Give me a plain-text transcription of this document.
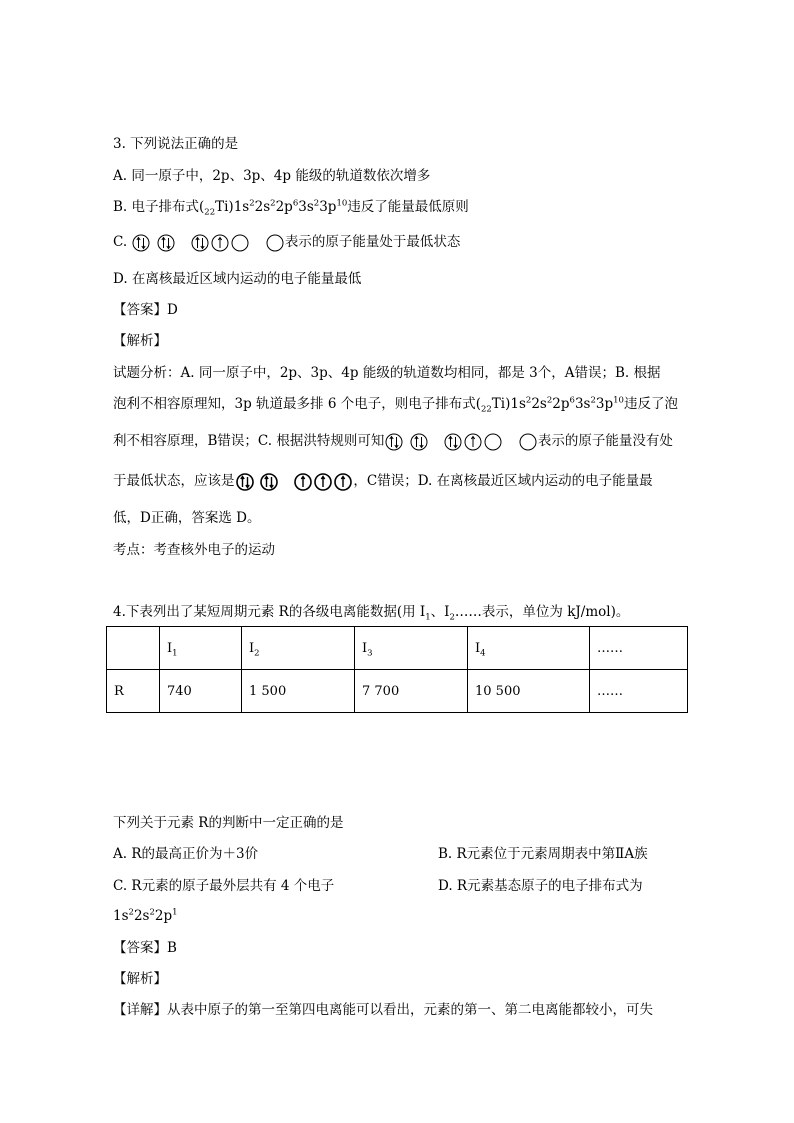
3. 下列说法正确的是
A. 同一原子中，2p、3p、4p 能级的轨道数依次增多
B. 电子排布式$(_{22}Ti)1s^22s^22p^63s^23p^{10}$违反了能量最低原则
C.

	表示的原子能量处于最低状态
D. 在离核最近区域内运动的电子能量最低
【答案】D
【解析】
试题分析：A. 同一原子中，2p、3p、4p 能级的轨道数均相同，都是 3个，A错误；B. 根据
泡利不相容原理知，3p 轨道最多排 6 个电子，则电子排布式$(_{22}Ti)1s^22s^22p^63s^23p^{10}$违反了泡
利不相容原理，B错误；C. 根据洪特规则可知

	表示的原子能量没有处
于最低状态，应该是

	，C错误；D. 在离核最近区域内运动的电子能量最
低，D正确，答案选 D。
考点：考查核外电子的运动
4.下表列出了某短周期元素 R的各级电离能数据(用 $I_1$、$I_2\dots\dots$表示，单位为 kJ/mol)。
	$I_1$	$I_2$	$I_3$	$I_4$	……
R	740	1 500	7 700	10 500	……
下列关于元素 R的判断中一定正确的是
A. R的最高正价为＋3价	B. R元素位于元素周期表中第ⅡA族
C. R元素的原子最外层共有 4 个电子	D. R元素基态原子的电子排布式为
$1s^22s^22p^1$
【答案】B
【解析】
【详解】从表中原子的第一至第四电离能可以看出，元素的第一、第二电离能都较小，可失
